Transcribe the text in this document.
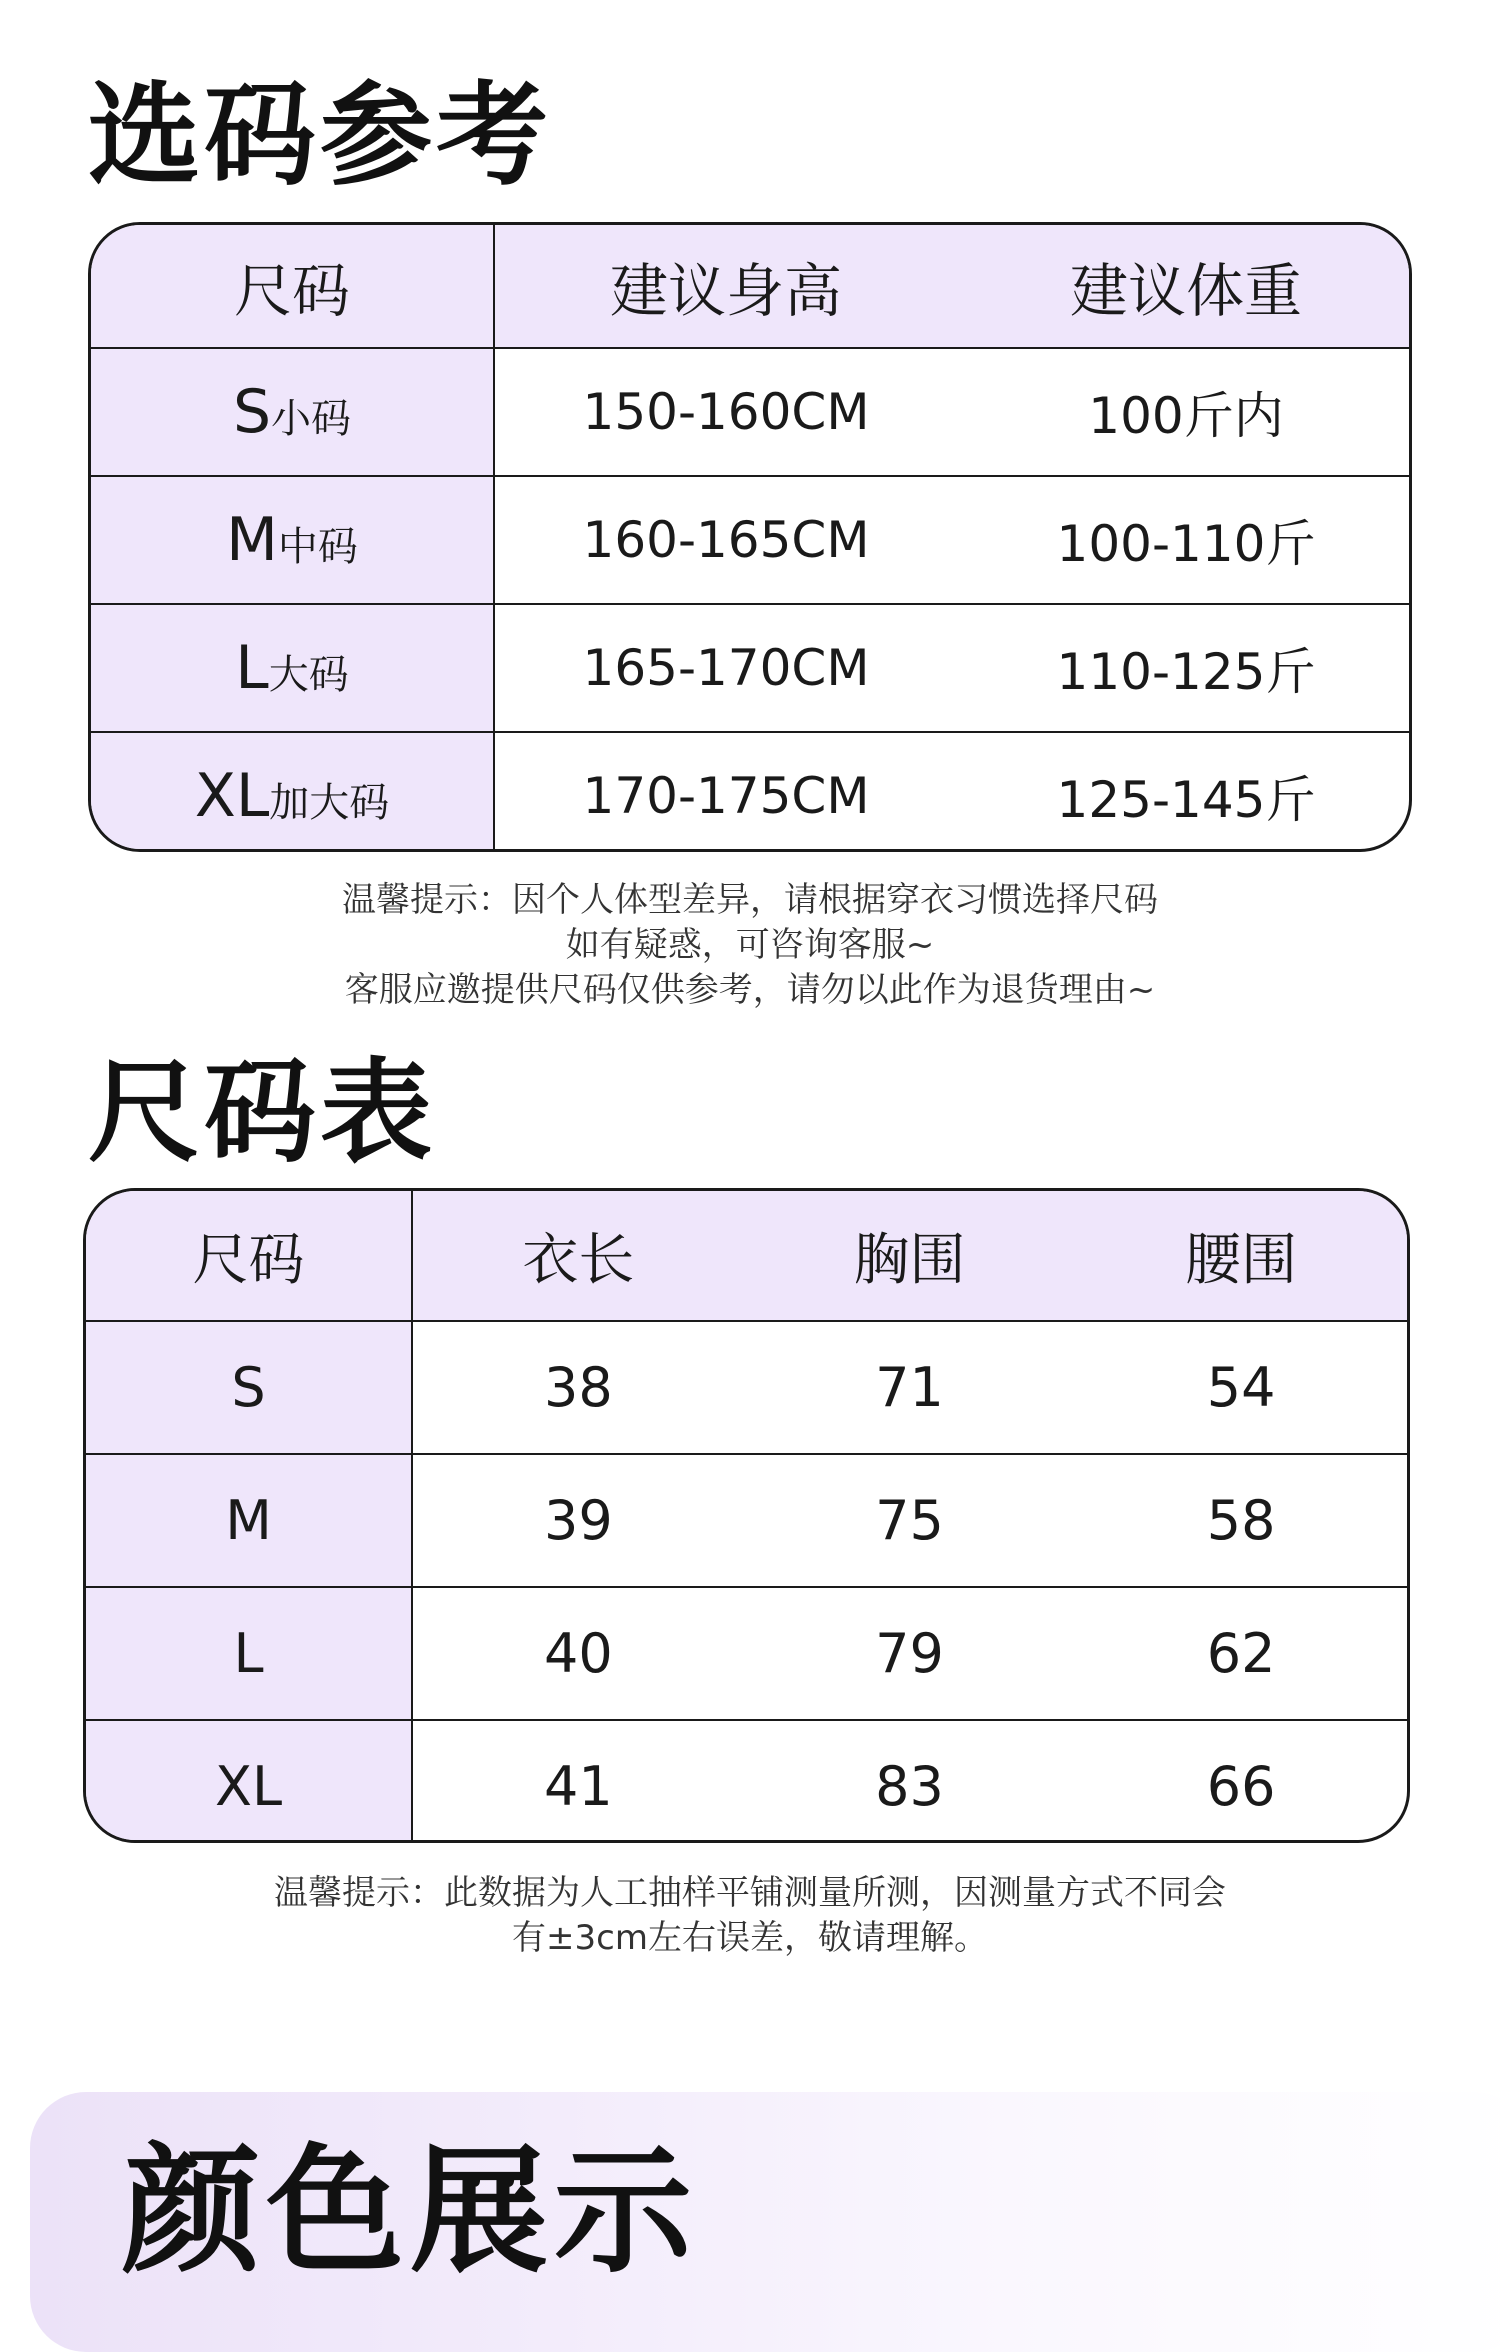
选码参考
尺码	建议身高	建议体重
S小码	150-160CM	100斤内
M中码	160-165CM	100-110斤
L大码	165-170CM	110-125斤
XL加大码	170-175CM	125-145斤
温馨提示：因个人体型差异，请根据穿衣习惯选择尺码
如有疑惑，可咨询客服~
客服应邀提供尺码仅供参考，请勿以此作为退货理由~
尺码表
尺码	衣长	胸围	腰围
S	38	71	54
M	39	75	58
L	40	79	62
XL	41	83	66
温馨提示：此数据为人工抽样平铺测量所测，因测量方式不同会
有±3cm左右误差，敬请理解。
颜色展示
